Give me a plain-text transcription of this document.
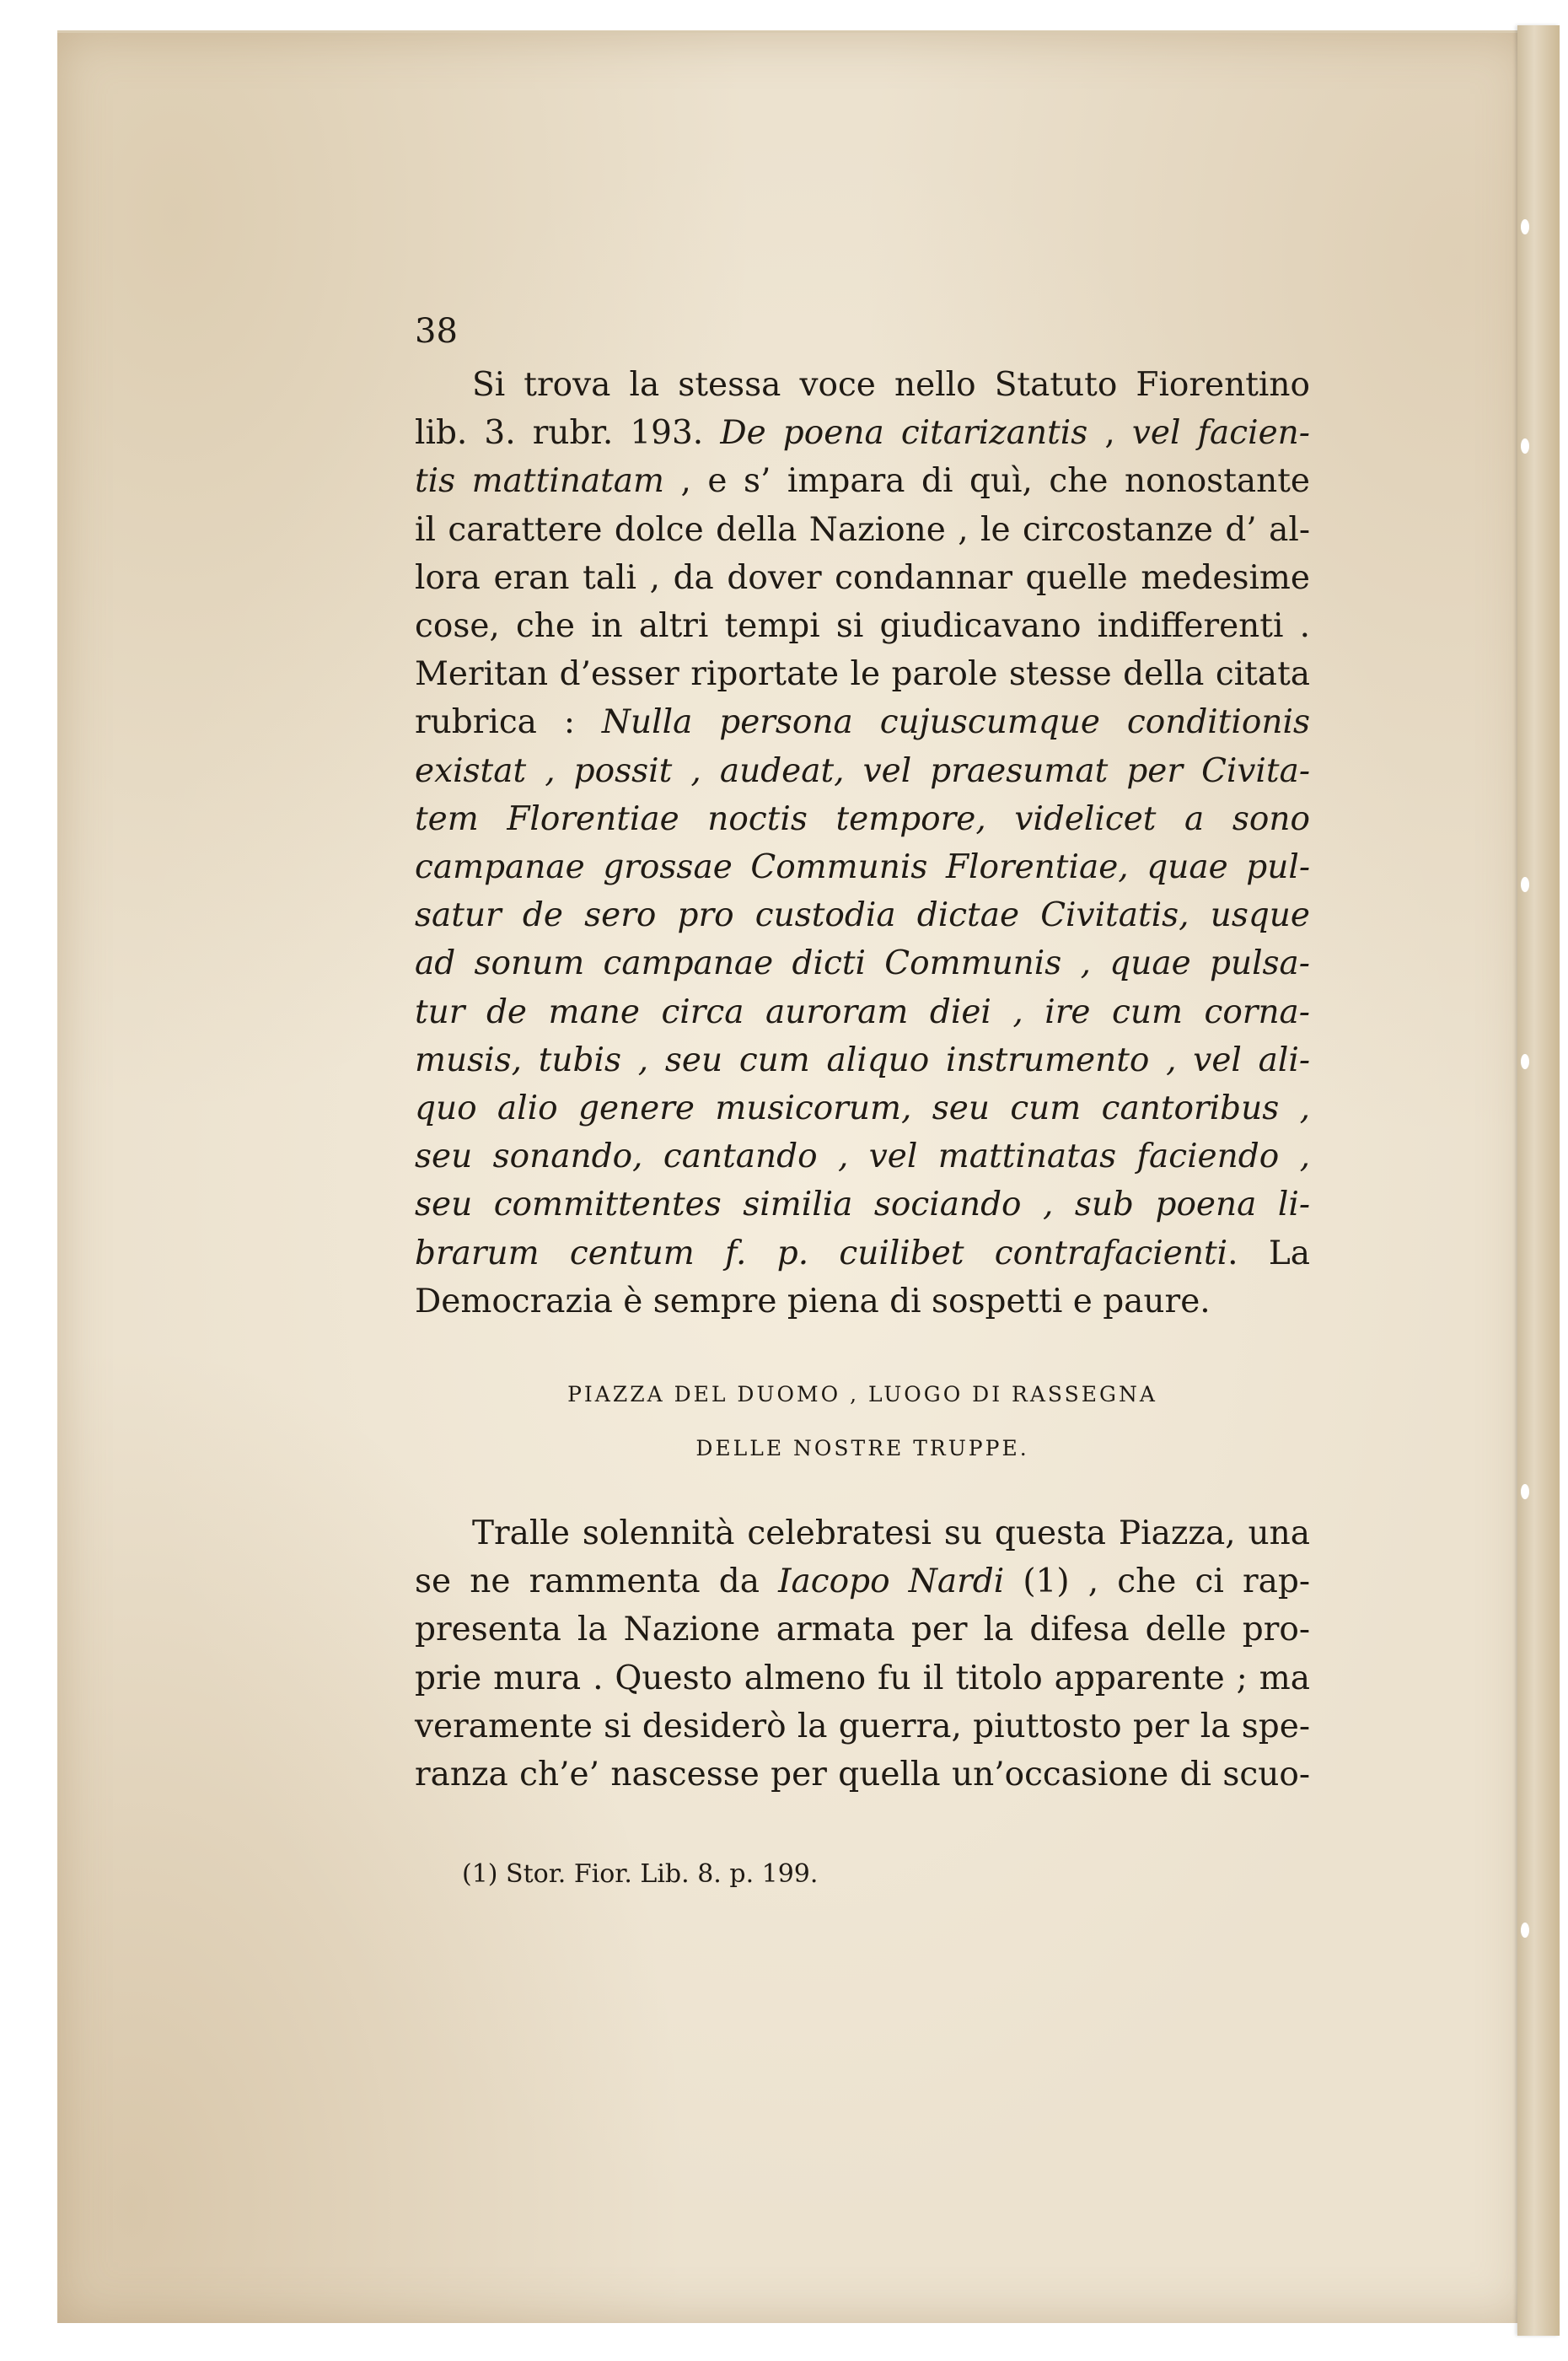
38
Si trova la stessa voce nello Statuto Fiorentino
lib. 3. rubr. 193. De poena citarizantis , vel facien-
tis mattinatam , e s’ impara di quì, che nonostante
il carattere dolce della Nazione , le circostanze d’ al-
lora eran tali , da dover condannar quelle medesime
cose, che in altri tempi si giudicavano indifferenti .
Meritan d’esser riportate le parole stesse della citata
rubrica : Nulla persona cujuscumque conditionis
existat , possit , audeat, vel praesumat per Civita-
tem Florentiae noctis tempore, videlicet a sono
campanae grossae Communis Florentiae, quae pul-
satur de sero pro custodia dictae Civitatis, usque
ad sonum campanae dicti Communis , quae pulsa-
tur de mane circa auroram diei , ire cum corna-
musis, tubis , seu cum aliquo instrumento , vel ali-
quo alio genere musicorum, seu cum cantoribus ,
seu sonando, cantando , vel mattinatas faciendo ,
seu committentes similia sociando , sub poena li-
brarum centum f. p. cuilibet contrafacienti. La
Democrazia è sempre piena di sospetti e paure.
PIAZZA DEL DUOMO , LUOGO DI RASSEGNA
DELLE NOSTRE TRUPPE.
Tralle solennità celebratesi su questa Piazza, una
se ne rammenta da Iacopo Nardi (1) , che ci rap-
presenta la Nazione armata per la difesa delle pro-
prie mura . Questo almeno fu il titolo apparente ; ma
veramente si desiderò la guerra, piuttosto per la spe-
ranza ch’e’ nascesse per quella un’occasione di scuo-
(1) Stor. Fior. Lib. 8. p. 199.
